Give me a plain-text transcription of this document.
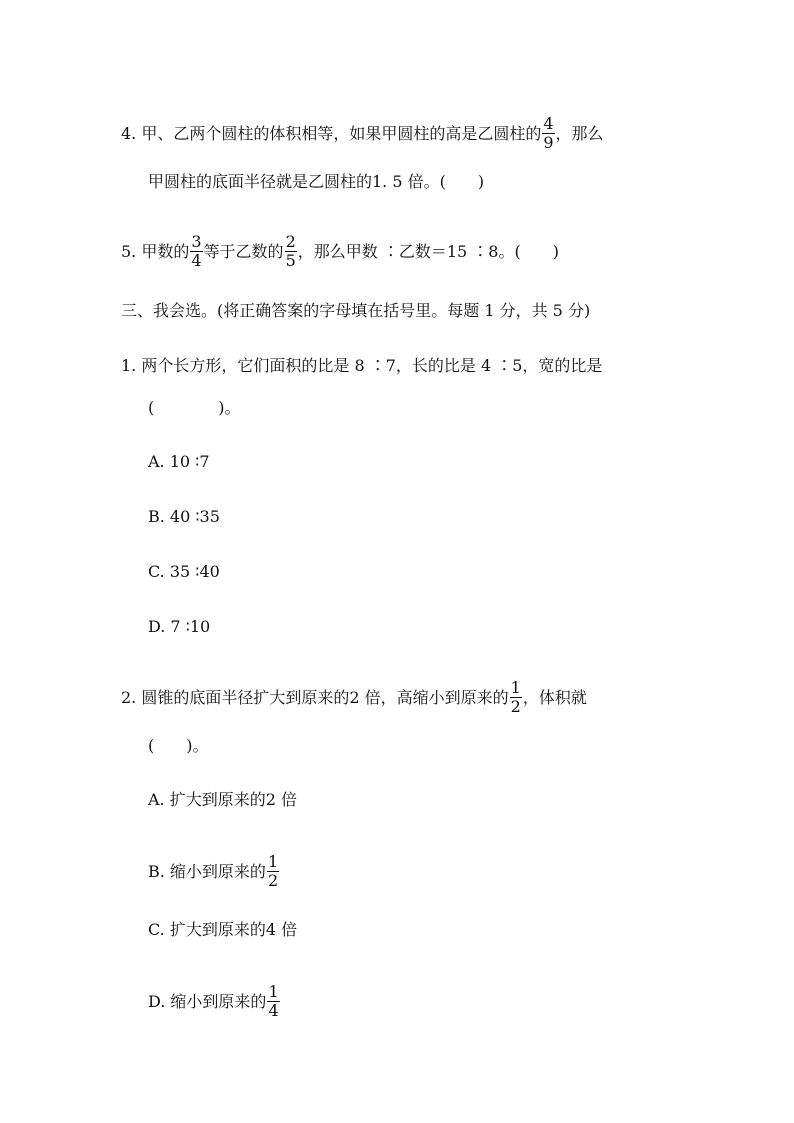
4. 甲、乙两个圆柱的体积相等，如果甲圆柱的高是乙圆柱的 $\frac{4}{9}$ ，那么
甲圆柱的底面半径就是乙圆柱的1. 5 倍。(　　)
5. 甲数的 $\frac{3}{4}$ 等于乙数的 $\frac{2}{5}$ ，那么甲数 ∶乙数＝15 ∶8。(　　)
三、我会选。(将正确答案的字母填在括号里。每题 1 分，共 5 分)
1. 两个长方形，它们面积的比是 8 ∶7，长的比是 4 ∶5，宽的比是
(　　　　)。
A. 10 ∶7
B. 40 ∶35
C. 35 ∶40
D. 7 ∶10
2. 圆锥的底面半径扩大到原来的2 倍，高缩小到原来的 $\frac{1}{2}$ ，体积就
(　　)。
A. 扩大到原来的2 倍
B. 缩小到原来的 $\frac{1}{2}$
C. 扩大到原来的4 倍
D. 缩小到原来的 $\frac{1}{4}$
